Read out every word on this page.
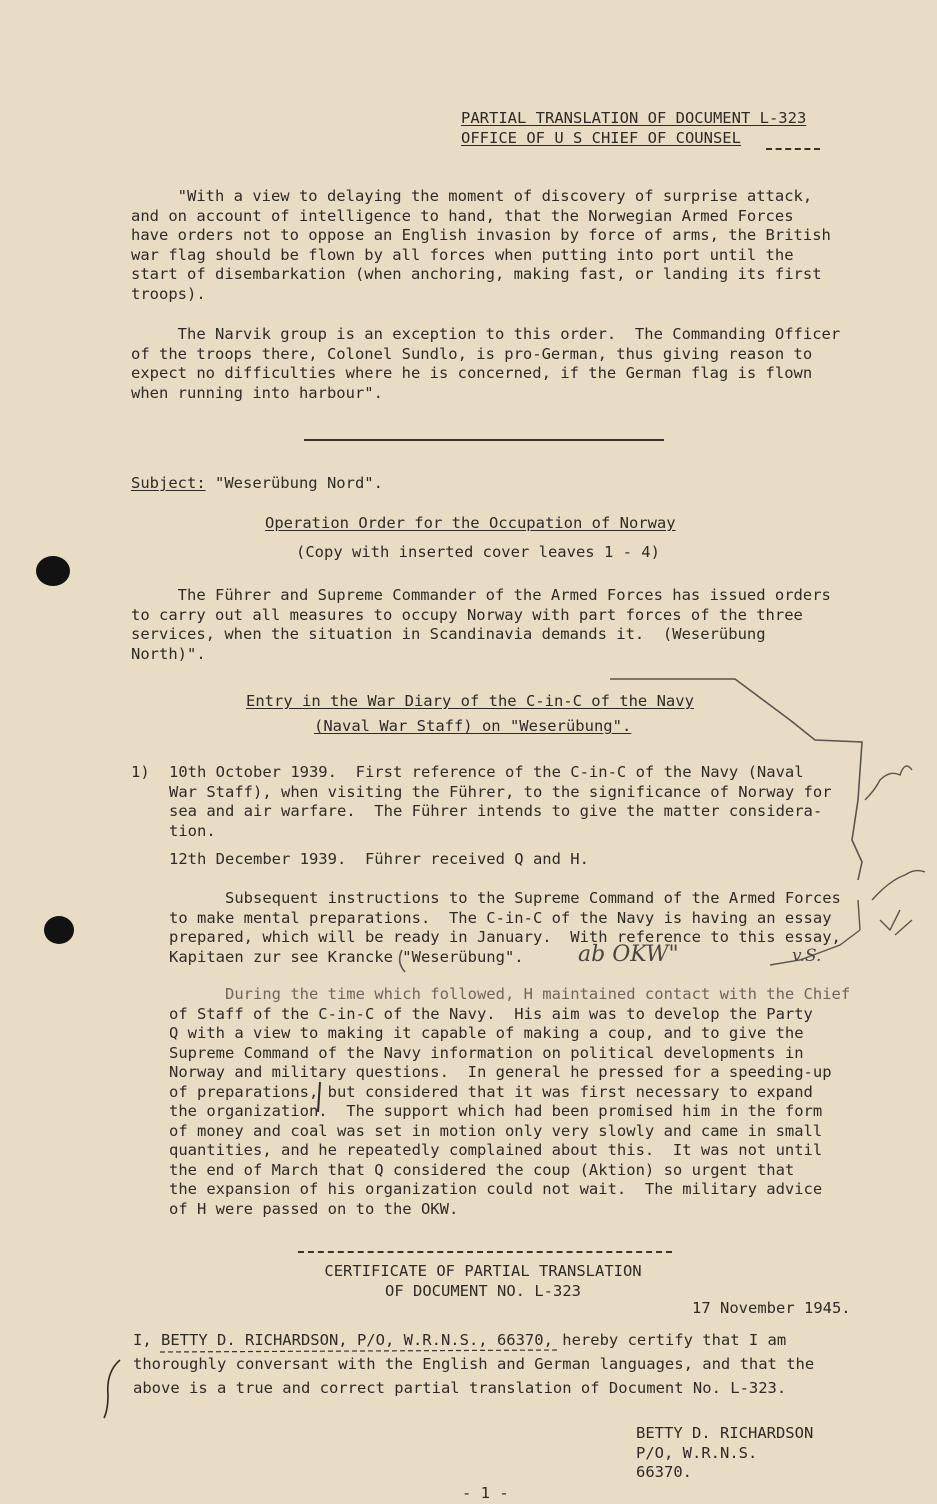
PARTIAL TRANSLATION OF DOCUMENT L-323
OFFICE OF U S CHIEF OF COUNSEL
"With a view to delaying the moment of discovery of surprise attack,
and on account of intelligence to hand, that the Norwegian Armed Forces
have orders not to oppose an English invasion by force of arms, the British
war flag should be flown by all forces when putting into port until the
start of disembarkation (when anchoring, making fast, or landing its first
troops).
The Narvik group is an exception to this order.  The Commanding Officer
of the troops there, Colonel Sundlo, is pro-German, thus giving reason to
expect no difficulties where he is concerned, if the German flag is flown
when running into harbour".
Subject: "Weserübung Nord".
Operation Order for the Occupation of Norway
(Copy with inserted cover leaves 1 - 4)
The Führer and Supreme Commander of the Armed Forces has issued orders
to carry out all measures to occupy Norway with part forces of the three
services, when the situation in Scandinavia demands it.  (Weserübung
North)".
Entry in the War Diary of the C-in-C of the Navy
(Naval War Staff) on "Weserübung".
1) 10th October 1939.  First reference of the C-in-C of the Navy (Naval
War Staff), when visiting the Führer, to the significance of Norway for
sea and air warfare.  The Führer intends to give the matter considera-
tion.
12th December 1939.  Führer received Q and H.
Subsequent instructions to the Supreme Command of the Armed Forces
to make mental preparations.  The C-in-C of the Navy is having an essay
prepared, which will be ready in January.  With reference to this essay,
Kapitaen zur see Krancke "Weserübung".
During the time which followed, H maintained contact with the Chief
of Staff of the C-in-C of the Navy.  His aim was to develop the Party
Q with a view to making it capable of making a coup, and to give the
Supreme Command of the Navy information on political developments in
Norway and military questions.  In general he pressed for a speeding-up
of preparations, but considered that it was first necessary to expand
the organization.  The support which had been promised him in the form
of money and coal was set in motion only very slowly and came in small
quantities, and he repeatedly complained about this.  It was not until
the end of March that Q considered the coup (Aktion) so urgent that
the expansion of his organization could not wait.  The military advice
of H were passed on to the OKW.
CERTIFICATE OF PARTIAL TRANSLATION
OF DOCUMENT NO. L-323
17 November 1945.
I, BETTY D. RICHARDSON, P/O, W.R.N.S., 66370, hereby certify that I am
thoroughly conversant with the English and German languages, and that the
above is a true and correct partial translation of Document No. L-323.
BETTY D. RICHARDSON
P/O, W.R.N.S.
66370.
- 1 -
ab OKW"	v.S.
